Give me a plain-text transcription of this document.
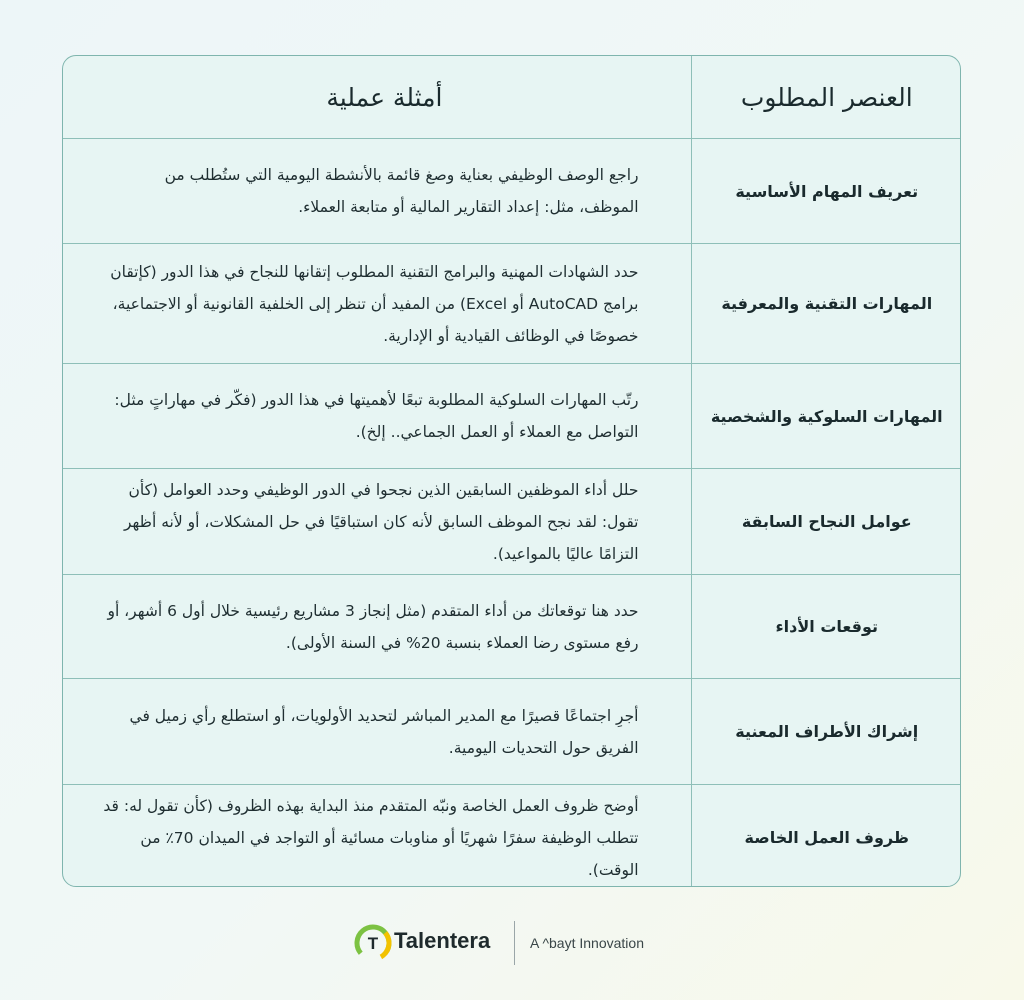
العنصر المطلوب	أمثلة عملية
تعريف المهام الأساسية	راجع الوصف الوظيفي بعناية وصغ قائمة بالأنشطة اليومية التي ستُطلب من الموظف، مثل: إعداد التقارير المالية أو متابعة العملاء.
المهارات التقنية والمعرفية	حدد الشهادات المهنية والبرامج التقنية المطلوب إتقانها للنجاح في هذا الدور (كإتقان برامج AutoCAD أو Excel) من المفيد أن تنظر إلى الخلفية القانونية أو الاجتماعية، خصوصًا في الوظائف القيادية أو الإدارية.
المهارات السلوكية والشخصية	رتّب المهارات السلوكية المطلوبة تبعًا لأهميتها في هذا الدور (فكّر في مهاراتٍ مثل: التواصل مع العملاء أو العمل الجماعي.. إلخ).
عوامل النجاح السابقة	حلل أداء الموظفين السابقين الذين نجحوا في الدور الوظيفي وحدد العوامل (كأن تقول: لقد نجح الموظف السابق لأنه كان استباقيًا في حل المشكلات، أو لأنه أظهر التزامًا عاليًا بالمواعيد).
توقعات الأداء	حدد هنا توقعاتك من أداء المتقدم (مثل إنجاز 3 مشاريع رئيسية خلال أول 6 أشهر، أو رفع مستوى رضا العملاء بنسبة 20% في السنة الأولى).
إشراك الأطراف المعنية	أجرِ اجتماعًا قصيرًا مع المدير المباشر لتحديد الأولويات، أو استطلع رأي زميل في الفريق حول التحديات اليومية.
ظروف العمل الخاصة	أوضح ظروف العمل الخاصة ونبّه المتقدم منذ البداية بهذه الظروف (كأن تقول له: قد تتطلب الوظيفة سفرًا شهريًا أو مناوبات مسائية أو التواجد في الميدان 70٪ من الوقت).
T Talentera	A ^bayt Innovation
